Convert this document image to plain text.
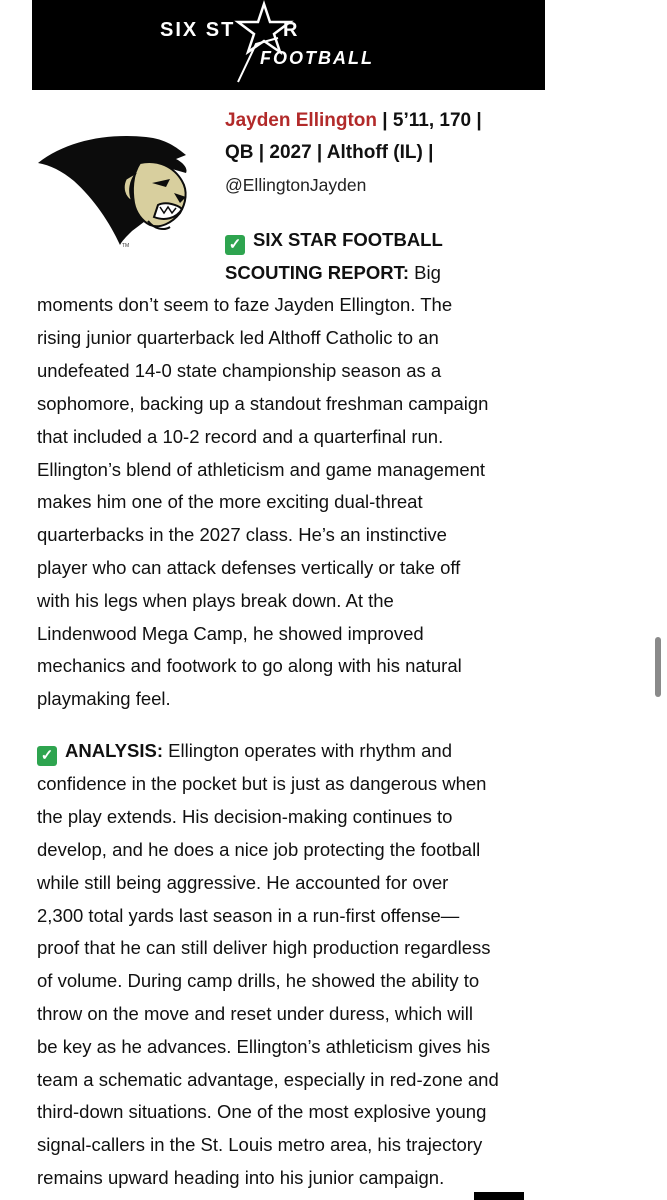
SIX ST R
FOOTBALL
TM
Jayden Ellington | 5’11, 170 |
QB | 2027 | Althoff (IL) |
@EllingtonJayden
✓ SIX STAR FOOTBALL
SCOUTING REPORT: Big
moments don’t seem to faze Jayden Ellington. The
rising junior quarterback led Althoff Catholic to an
undefeated 14-0 state championship season as a
sophomore, backing up a standout freshman campaign
that included a 10-2 record and a quarterfinal run.
Ellington’s blend of athleticism and game management
makes him one of the more exciting dual-threat
quarterbacks in the 2027 class. He’s an instinctive
player who can attack defenses vertically or take off
with his legs when plays break down. At the
Lindenwood Mega Camp, he showed improved
mechanics and footwork to go along with his natural
playmaking feel.
✓ ANALYSIS: Ellington operates with rhythm and
confidence in the pocket but is just as dangerous when
the play extends. His decision-making continues to
develop, and he does a nice job protecting the football
while still being aggressive. He accounted for over
2,300 total yards last season in a run-first offense—
proof that he can still deliver high production regardless
of volume. During camp drills, he showed the ability to
throw on the move and reset under duress, which will
be key as he advances. Ellington’s athleticism gives his
team a schematic advantage, especially in red-zone and
third-down situations. One of the most explosive young
signal-callers in the St. Louis metro area, his trajectory
remains upward heading into his junior campaign.
